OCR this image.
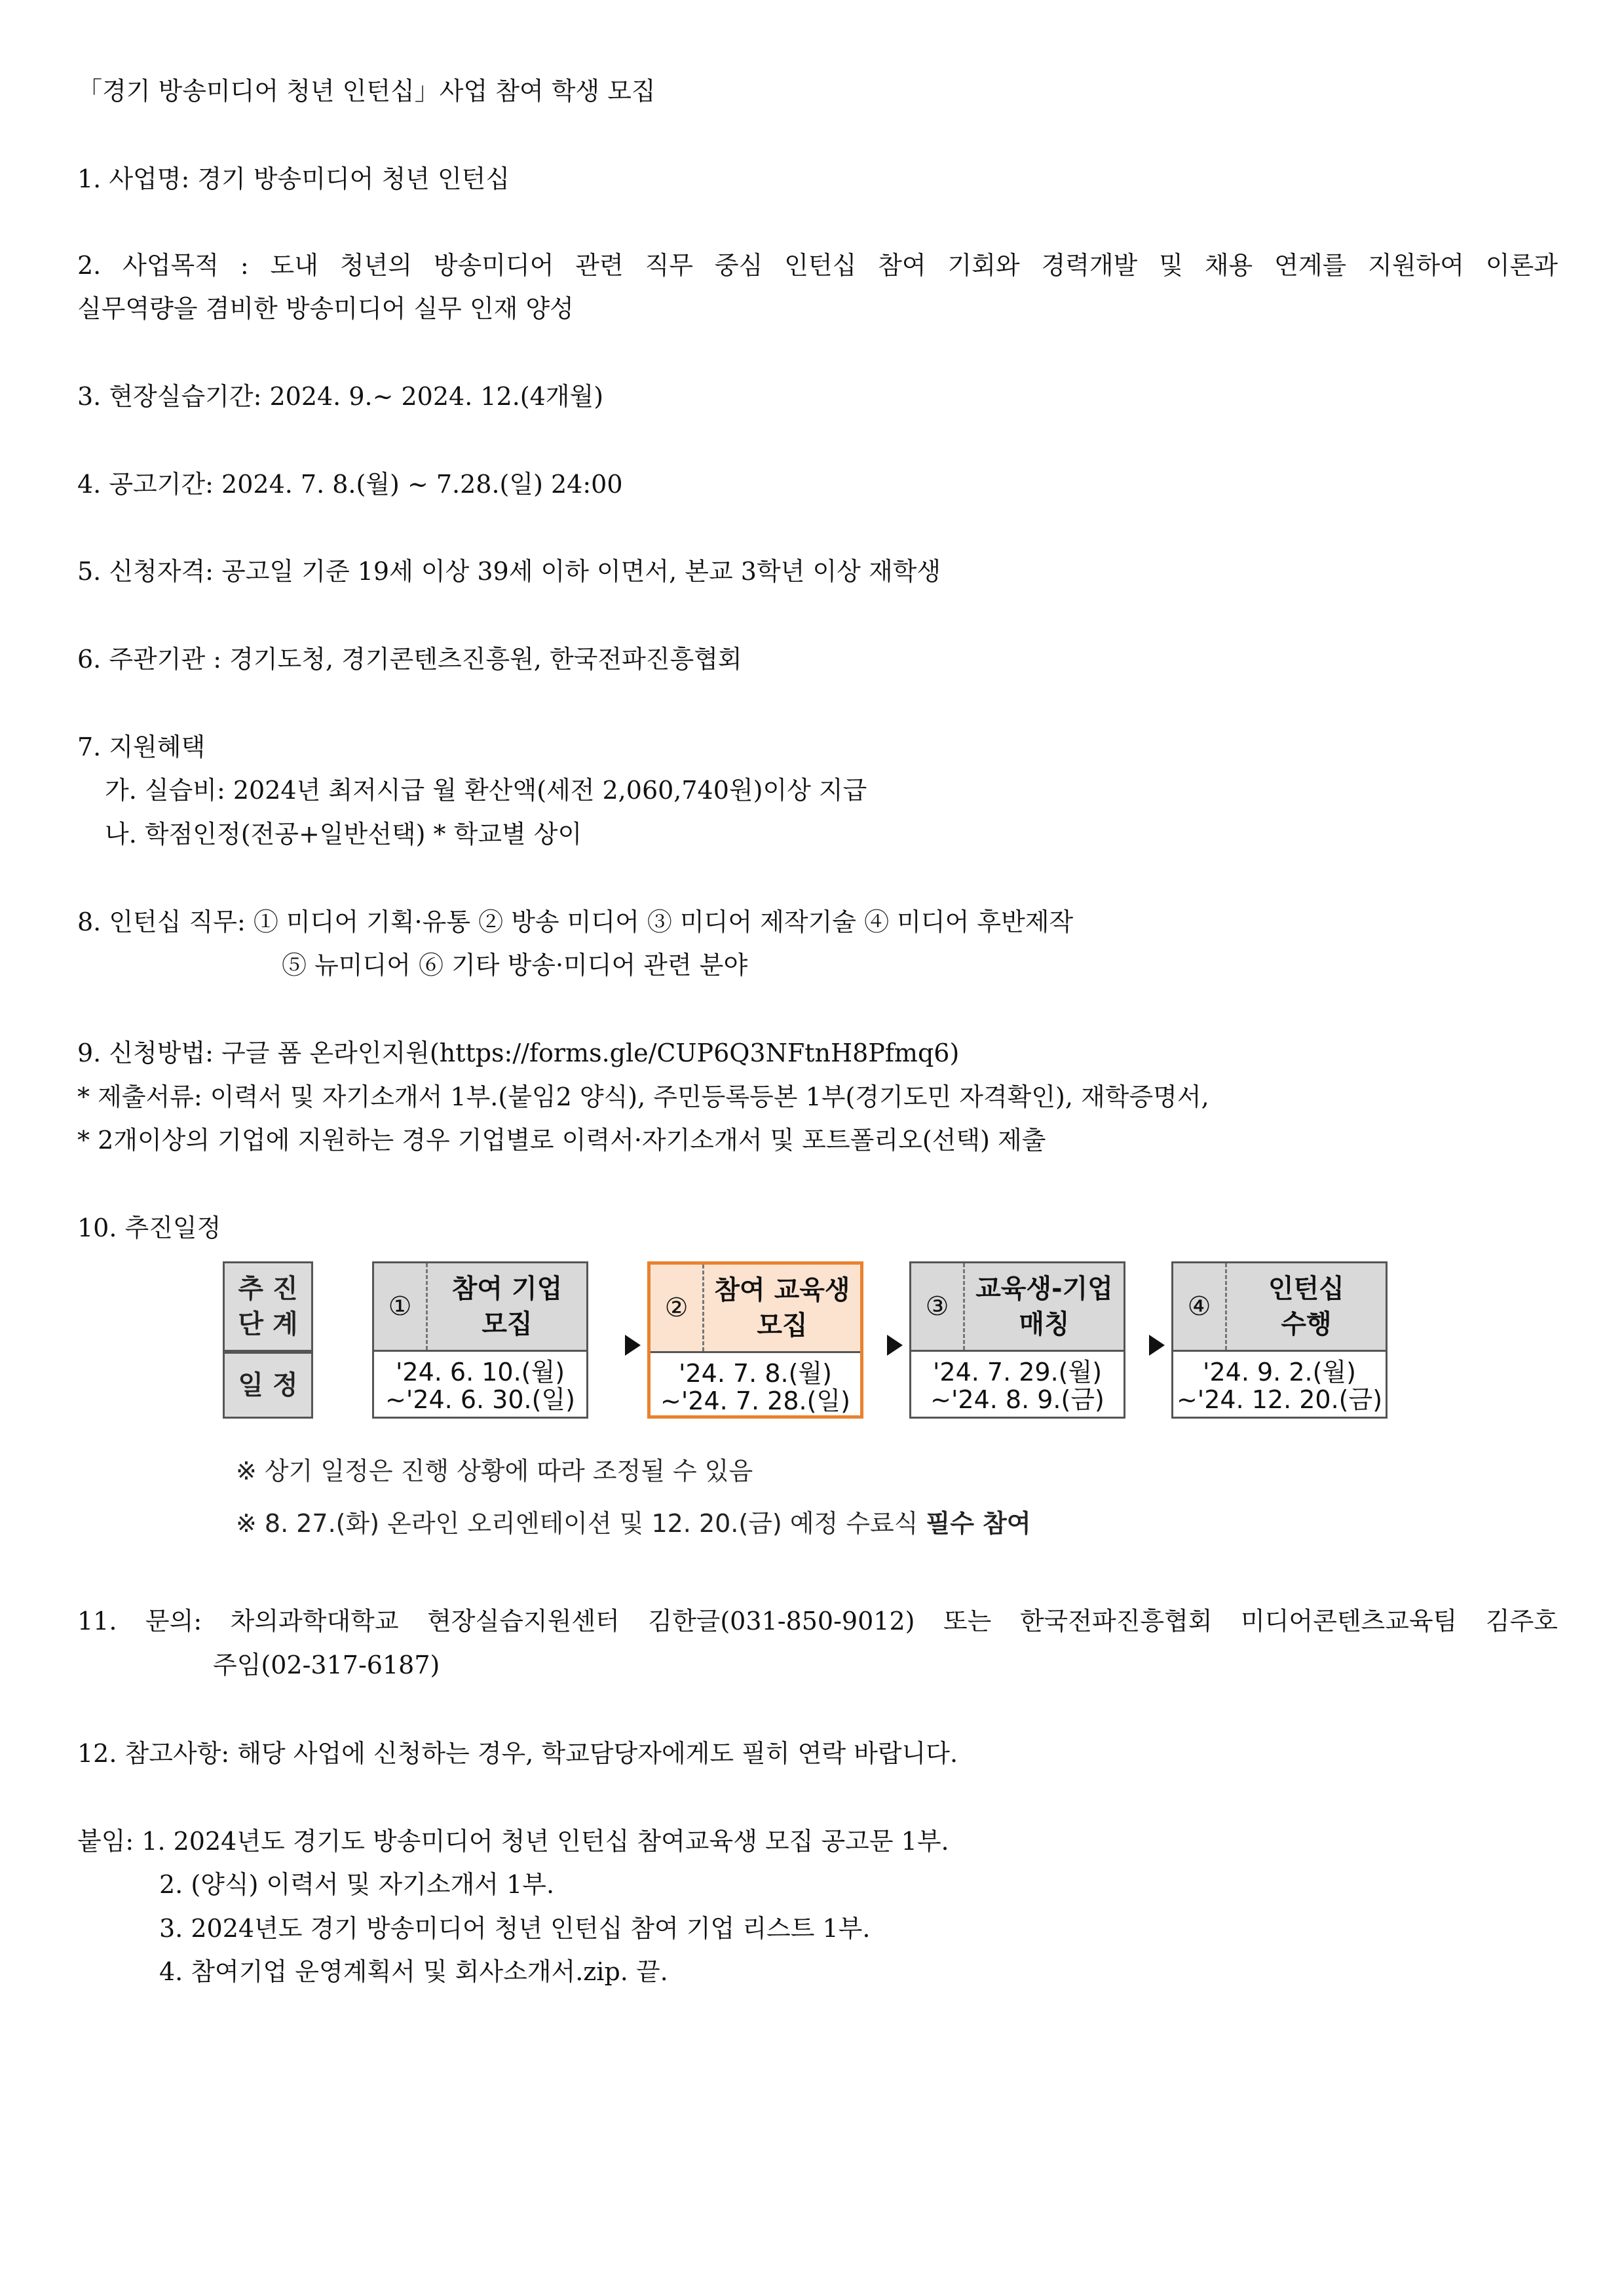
「경기 방송미디어 청년 인턴십」사업 참여 학생 모집
1. 사업명: 경기 방송미디어 청년 인턴십
2. 사업목적 : 도내 청년의 방송미디어 관련 직무 중심 인턴십 참여 기회와 경력개발 및 채용 연계를 지원하여 이론과
실무역량을 겸비한 방송미디어 실무 인재 양성
3. 현장실습기간: 2024. 9.~ 2024. 12.(4개월)
4. 공고기간: 2024. 7. 8.(월) ~ 7.28.(일) 24:00
5. 신청자격: 공고일 기준 19세 이상 39세 이하 이면서, 본교 3학년 이상 재학생
6. 주관기관 : 경기도청, 경기콘텐츠진흥원, 한국전파진흥협회
7. 지원혜택
가. 실습비: 2024년 최저시급 월 환산액(세전 2,060,740원)이상 지급
나. 학점인정(전공+일반선택) * 학교별 상이
8. 인턴십 직무: ① 미디어 기획·유통 ② 방송 미디어 ③ 미디어 제작기술 ④ 미디어 후반제작
⑤ 뉴미디어 ⑥ 기타 방송·미디어 관련 분야
9. 신청방법: 구글 폼 온라인지원(https://forms.gle/CUP6Q3NFtnH8Pfmq6)
* 제출서류: 이력서 및 자기소개서 1부.(붙임2 양식), 주민등록등본 1부(경기도민 자격확인), 재학증명서,
* 2개이상의 기업에 지원하는 경우 기업별로 이력서·자기소개서 및 포트폴리오(선택) 제출
10. 추진일정
추 진
단 계
일 정
①
참여 기업
모집
'24. 6. 10.(월)
~'24. 6. 30.(일)
②
참여 교육생
모집
'24. 7. 8.(월)
~'24. 7. 28.(일)
③
교육생-기업
매칭
'24. 7. 29.(월)
~'24. 8. 9.(금)
④
인턴십
수행
'24. 9. 2.(월)
~'24. 12. 20.(금)
※ 상기 일정은 진행 상황에 따라 조정될 수 있음
※ 8. 27.(화) 온라인 오리엔테이션 및 12. 20.(금) 예정 수료식 필수 참여
11. 문의: 차의과학대학교 현장실습지원센터 김한글(031-850-9012) 또는 한국전파진흥협회 미디어콘텐츠교육팀 김주호
주임(02-317-6187)
12. 참고사항: 해당 사업에 신청하는 경우, 학교담당자에게도 필히 연락 바랍니다.
붙임: 1. 2024년도 경기도 방송미디어 청년 인턴십 참여교육생 모집 공고문 1부.
2. (양식) 이력서 및 자기소개서 1부.
3. 2024년도 경기 방송미디어 청년 인턴십 참여 기업 리스트 1부.
4. 참여기업 운영계획서 및 회사소개서.zip. 끝.
